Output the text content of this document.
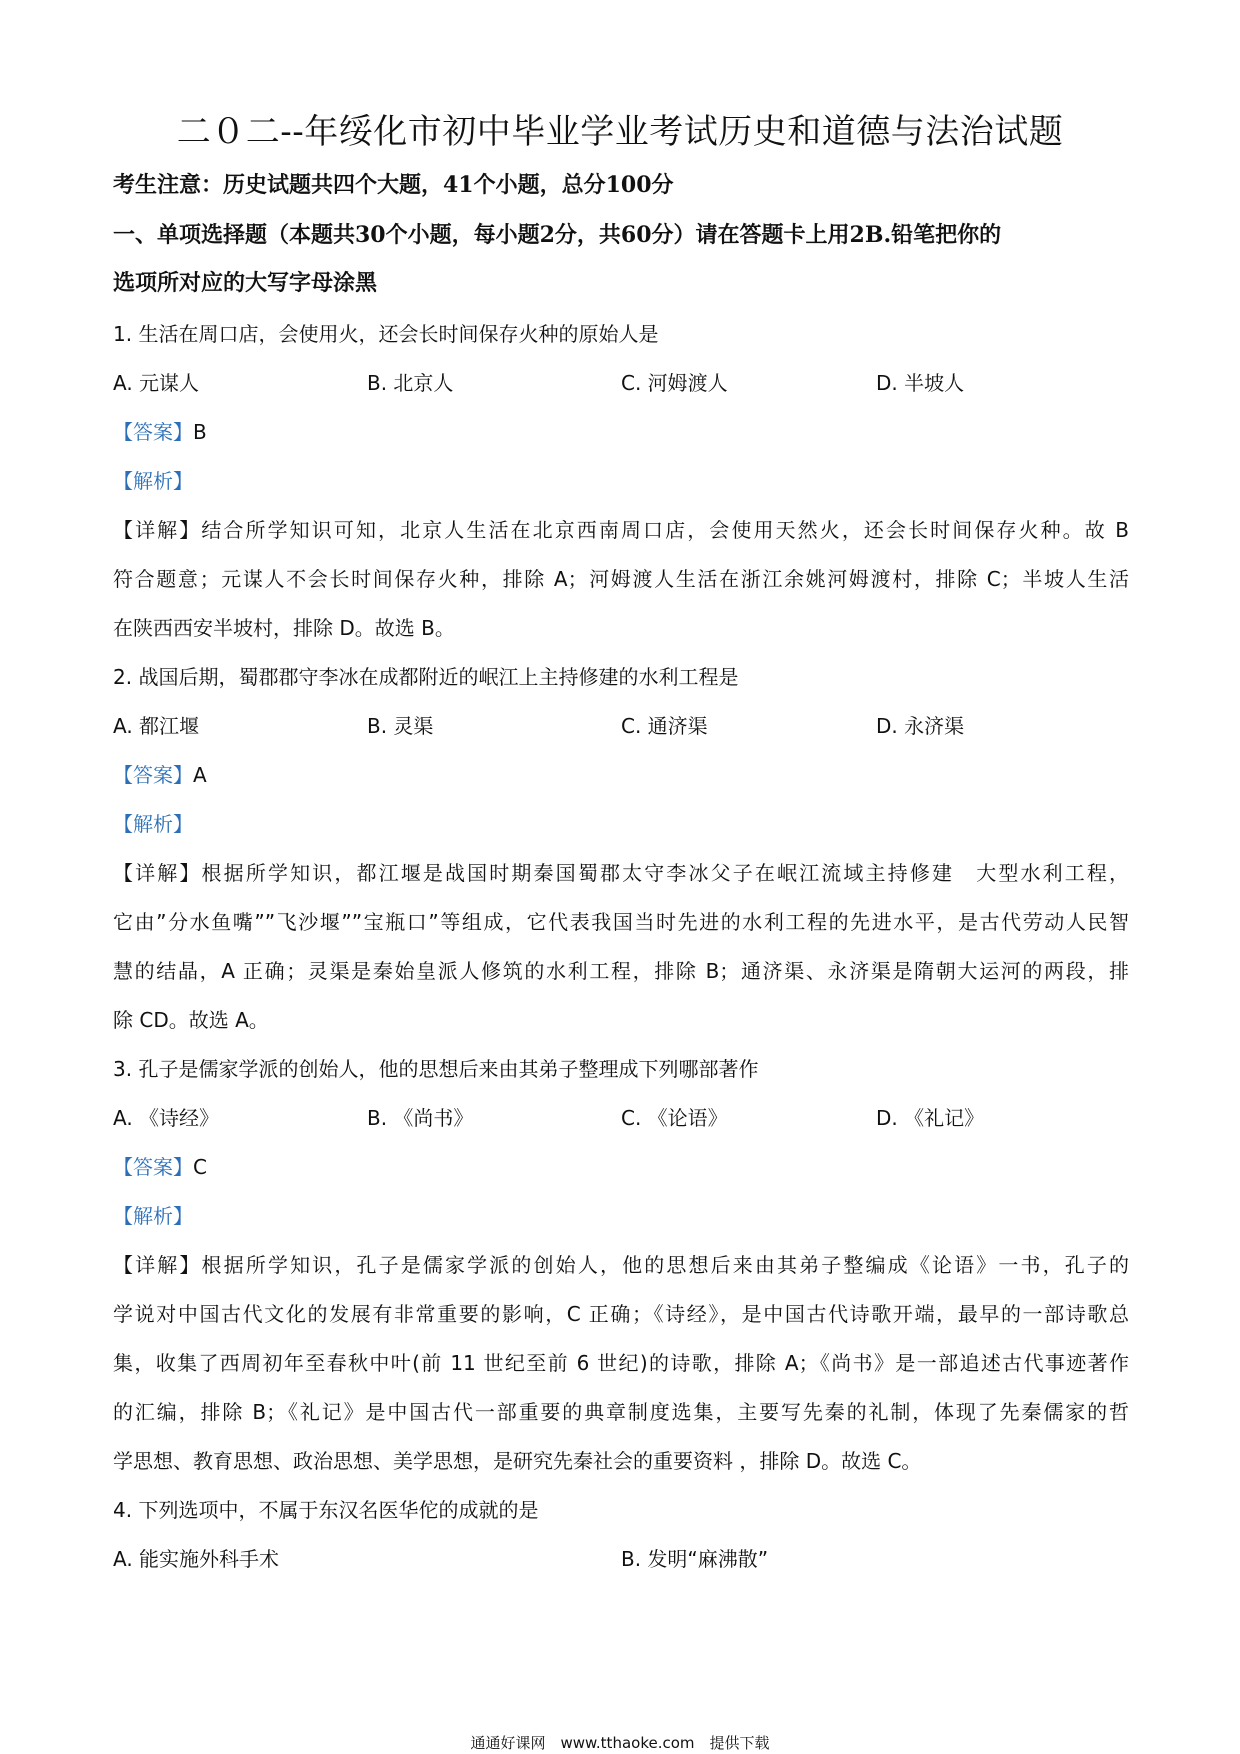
二０二--年绥化市初中毕业学业考试历史和道德与法治试题
考生注意：历史试题共四个大题，41个小题，总分100分
一、单项选择题（本题共30个小题，每小题2分，共60分）请在答题卡上用2B.铅笔把你的
选项所对应的大写字母涂黑
1. 生活在周口店，会使用火，还会长时间保存火种的原始人是
A. 元谋人	B. 北京人	C. 河姆渡人	D. 半坡人
【答案】B
【解析】
【详解】结合所学知识可知，北京人生活在北京西南周口店，会使用天然火，还会长时间保存火种。故 B
符合题意；元谋人不会长时间保存火种，排除 A；河姆渡人生活在浙江余姚河姆渡村，排除 C；半坡人生活
在陕西西安半坡村，排除 D。故选 B。
2. 战国后期，蜀郡郡守李冰在成都附近的岷江上主持修建的水利工程是
A. 都江堰	B. 灵渠	C. 通济渠	D. 永济渠
【答案】A
【解析】
【详解】根据所学知识，都江堰是战国时期秦国蜀郡太守李冰父子在岷江流域主持修建　大型水利工程，
它由”分水鱼嘴””飞沙堰””宝瓶口”等组成，它代表我国当时先进的水利工程的先进水平，是古代劳动人民智
慧的结晶，A 正确；灵渠是秦始皇派人修筑的水利工程，排除 B；通济渠、永济渠是隋朝大运河的两段，排
除 CD。故选 A。
3. 孔子是儒家学派的创始人，他的思想后来由其弟子整理成下列哪部著作
A. 《诗经》	B. 《尚书》	C. 《论语》	D. 《礼记》
【答案】C
【解析】
【详解】根据所学知识，孔子是儒家学派的创始人，他的思想后来由其弟子整编成《论语》一书，孔子的
学说对中国古代文化的发展有非常重要的影响，C 正确；《诗经》，是中国古代诗歌开端，最早的一部诗歌总
集，收集了西周初年至春秋中叶(前 11 世纪至前 6 世纪)的诗歌，排除 A；《尚书》是一部追述古代事迹著作
的汇编，排除 B；《礼记》是中国古代一部重要的典章制度选集，主要写先秦的礼制，体现了先秦儒家的哲
学思想、教育思想、政治思想、美学思想，是研究先秦社会的重要资料 ，排除 D。故选 C。
4. 下列选项中，不属于东汉名医华佗的成就的是
A. 能实施外科手术	B. 发明“麻沸散”
通通好课网　www.tthaoke.com　提供下载
